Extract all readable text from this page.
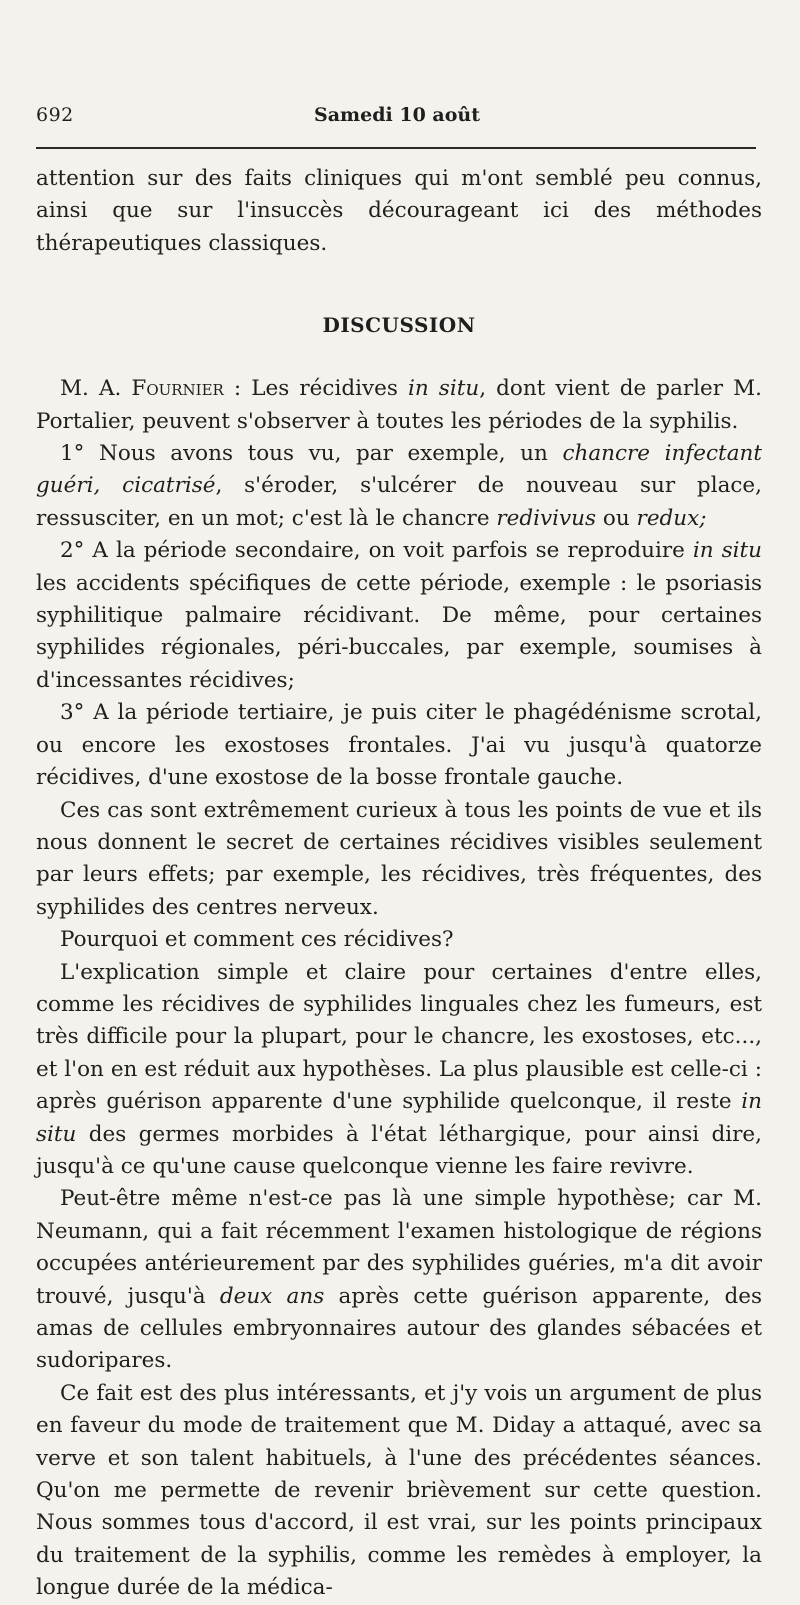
692	Samedi 10 août

attention sur des faits cliniques qui m'ont semblé peu connus, ainsi que sur l'insuccès décourageant ici des méthodes thérapeutiques classiques.

DISCUSSION

M. A. Fournier : Les récidives in situ, dont vient de parler M. Portalier, peuvent s'observer à toutes les périodes de la syphilis.

1° Nous avons tous vu, par exemple, un chancre infectant guéri, cicatrisé, s'éroder, s'ulcérer de nouveau sur place, ressusciter, en un mot; c'est là le chancre redivivus ou redux;

2° A la période secondaire, on voit parfois se reproduire in situ les accidents spécifiques de cette période, exemple : le psoriasis syphilitique palmaire récidivant. De même, pour certaines syphilides régionales, péri-buccales, par exemple, soumises à d'incessantes récidives;

3° A la période tertiaire, je puis citer le phagédénisme scrotal, ou encore les exostoses frontales. J'ai vu jusqu'à quatorze récidives, d'une exostose de la bosse frontale gauche.

Ces cas sont extrêmement curieux à tous les points de vue et ils nous donnent le secret de certaines récidives visibles seulement par leurs effets; par exemple, les récidives, très fréquentes, des syphilides des centres nerveux.

Pourquoi et comment ces récidives?

L'explication simple et claire pour certaines d'entre elles, comme les récidives de syphilides linguales chez les fumeurs, est très difficile pour la plupart, pour le chancre, les exostoses, etc..., et l'on en est réduit aux hypothèses. La plus plausible est celle-ci : après guérison apparente d'une syphilide quelconque, il reste in situ des germes morbides à l'état léthargique, pour ainsi dire, jusqu'à ce qu'une cause quelconque vienne les faire revivre.

Peut-être même n'est-ce pas là une simple hypothèse; car M. Neumann, qui a fait récemment l'examen histologique de régions occupées antérieurement par des syphilides guéries, m'a dit avoir trouvé, jusqu'à deux ans après cette guérison apparente, des amas de cellules embryonnaires autour des glandes sébacées et sudoripares.

Ce fait est des plus intéressants, et j'y vois un argument de plus en faveur du mode de traitement que M. Diday a attaqué, avec sa verve et son talent habituels, à l'une des précédentes séances. Qu'on me permette de revenir brièvement sur cette question. Nous sommes tous d'accord, il est vrai, sur les points principaux du traitement de la syphilis, comme les remèdes à employer, la longue durée de la médica-
